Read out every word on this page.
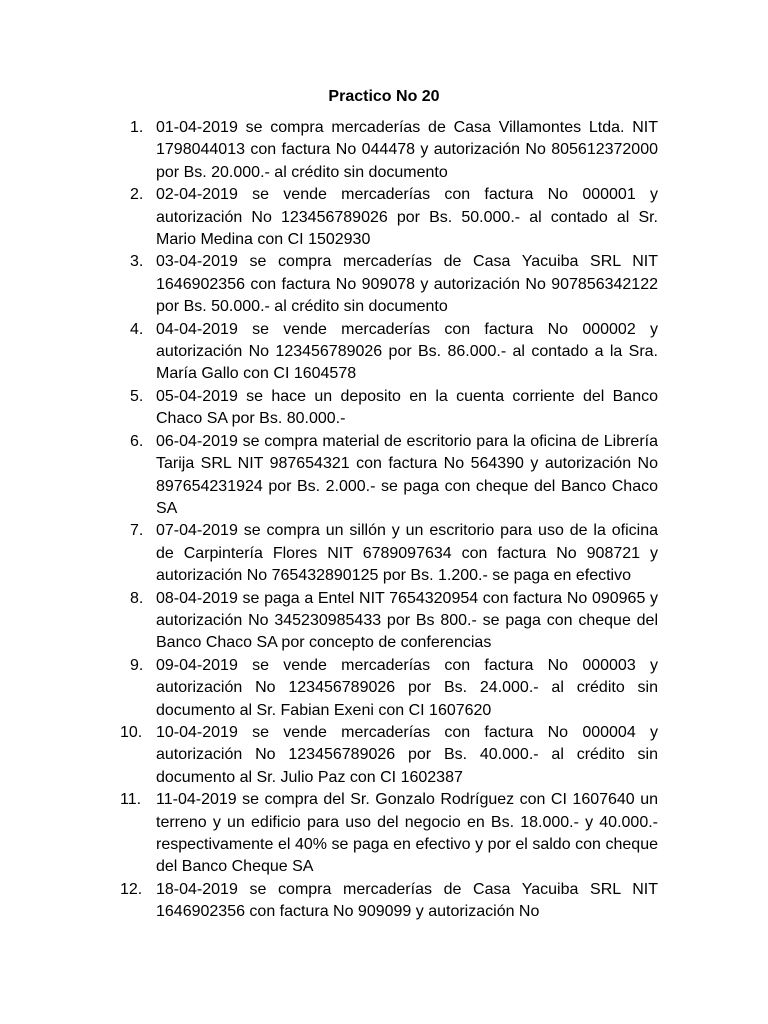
Practico No 20
1. 01-04-2019 se compra mercaderías de Casa Villamontes Ltda. NIT 1798044013 con factura No 044478 y autorización No 805612372000 por Bs. 20.000.- al crédito sin documento
2. 02-04-2019 se vende mercaderías con factura No 000001 y autorización No 123456789026 por Bs. 50.000.- al contado al Sr. Mario Medina con CI 1502930
3. 03-04-2019 se compra mercaderías de Casa Yacuiba SRL NIT 1646902356 con factura No 909078 y autorización No 907856342122 por Bs. 50.000.- al crédito sin documento
4. 04-04-2019 se vende mercaderías con factura No 000002 y autorización No 123456789026 por Bs. 86.000.- al contado a la Sra. María Gallo con CI 1604578
5. 05-04-2019 se hace un deposito en la cuenta corriente del Banco Chaco SA por Bs. 80.000.-
6. 06-04-2019 se compra material de escritorio para la oficina de Librería Tarija SRL NIT 987654321 con factura No 564390 y autorización No 897654231924 por Bs. 2.000.- se paga con cheque del Banco Chaco SA
7. 07-04-2019 se compra un sillón y un escritorio para uso de la oficina de Carpintería Flores NIT 6789097634 con factura No 908721 y autorización No 765432890125 por Bs. 1.200.- se paga en efectivo
8. 08-04-2019 se paga a Entel NIT 7654320954 con factura No 090965 y autorización No 345230985433 por Bs 800.- se paga con cheque del Banco Chaco SA por concepto de conferencias
9. 09-04-2019 se vende mercaderías con factura No 000003 y autorización No 123456789026 por Bs. 24.000.- al crédito sin documento al Sr. Fabian Exeni con CI 1607620
10. 10-04-2019 se vende mercaderías con factura No 000004 y autorización No 123456789026 por Bs. 40.000.- al crédito sin documento al Sr. Julio Paz con CI 1602387
11. 11-04-2019 se compra del Sr. Gonzalo Rodríguez con CI 1607640 un terreno y un edificio para uso del negocio en Bs. 18.000.- y 40.000.- respectivamente el 40% se paga en efectivo y por el saldo con cheque del Banco Cheque SA
12. 18-04-2019 se compra mercaderías de Casa Yacuiba SRL NIT 1646902356 con factura No 909099 y autorización No
